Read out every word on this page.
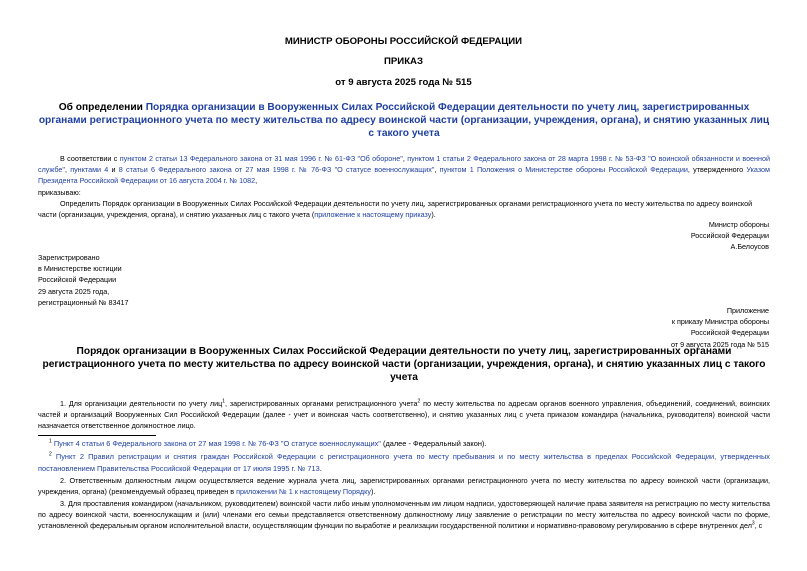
МИНИСТР ОБОРОНЫ РОССИЙСКОЙ ФЕДЕРАЦИИ
ПРИКАЗ
от 9 августа 2025 года № 515
Об определении Порядка организации в Вооруженных Силах Российской Федерации деятельности по учету лиц, зарегистрированных органами регистрационного учета по месту жительства по адресу воинской части (организации, учреждения, органа), и снятию указанных лиц с такого учета
В соответствии с пунктом 2 статьи 13 Федерального закона от 31 мая 1996 г. № 61-ФЗ "Об обороне", пунктом 1 статьи 2 Федерального закона от 28 марта 1998 г. № 53-ФЗ "О воинской обязанности и военной службе", пунктами 4 и 8 статьи 6 Федерального закона от 27 мая 1998 г. № 76-ФЗ "О статусе военнослужащих", пунктом 1 Положения о Министерстве обороны Российской Федерации, утвержденного Указом Президента Российской Федерации от 16 августа 2004 г. № 1082,
приказываю:
Определить Порядок организации в Вооруженных Силах Российской Федерации деятельности по учету лиц, зарегистрированных органами регистрационного учета по месту жительства по адресу воинской части (организации, учреждения, органа), и снятию указанных лиц с такого учета (приложение к настоящему приказу).
Министр обороны
Российской Федерации
А.Белоусов
Зарегистрировано
в Министерстве юстиции
Российской Федерации
29 августа 2025 года,
регистрационный № 83417
Приложение
к приказу Министра обороны
Российской Федерации
от 9 августа 2025 года № 515
Порядок организации в Вооруженных Силах Российской Федерации деятельности по учету лиц, зарегистрированных органами регистрационного учета по месту жительства по адресу воинской части (организации, учреждения, органа), и снятию указанных лиц с такого учета
1. Для организации деятельности по учету лиц$^1$, зарегистрированных органами регистрационного учета$^2$ по месту жительства по адресам органов военного управления, объединений, соединений, воинских частей и организаций Вооруженных Сил Российской Федерации (далее - учет и воинская часть соответственно), и снятию указанных лиц с учета приказом командира (начальника, руководителя) воинской части назначается ответственное должностное лицо.
$^1$ Пункт 4 статьи 6 Федерального закона от 27 мая 1998 г. № 76-ФЗ "О статусе военнослужащих" (далее - Федеральный закон).
$^2$ Пункт 2 Правил регистрации и снятия граждан Российской Федерации с регистрационного учета по месту пребывания и по месту жительства в пределах Российской Федерации, утвержденных постановлением Правительства Российской Федерации от 17 июля 1995 г. № 713.
2. Ответственным должностным лицом осуществляется ведение журнала учета лиц, зарегистрированных органами регистрационного учета по месту жительства по адресу воинской части (организации, учреждения, органа) (рекомендуемый образец приведен в приложении № 1 к настоящему Порядку).
3. Для проставления командиром (начальником, руководителем) воинской части либо иным уполномоченным им лицом надписи, удостоверяющей наличие права заявителя на регистрацию по месту жительства по адресу воинской части, военнослужащим и (или) членами его семьи представляется ответственному должностному лицу заявление о регистрации по месту жительства по адресу воинской части по форме, установленной федеральным органом исполнительной власти, осуществляющим функции по выработке и реализации государственной политики и нормативно-правовому регулированию в сфере внутренних дел$^3$, с
